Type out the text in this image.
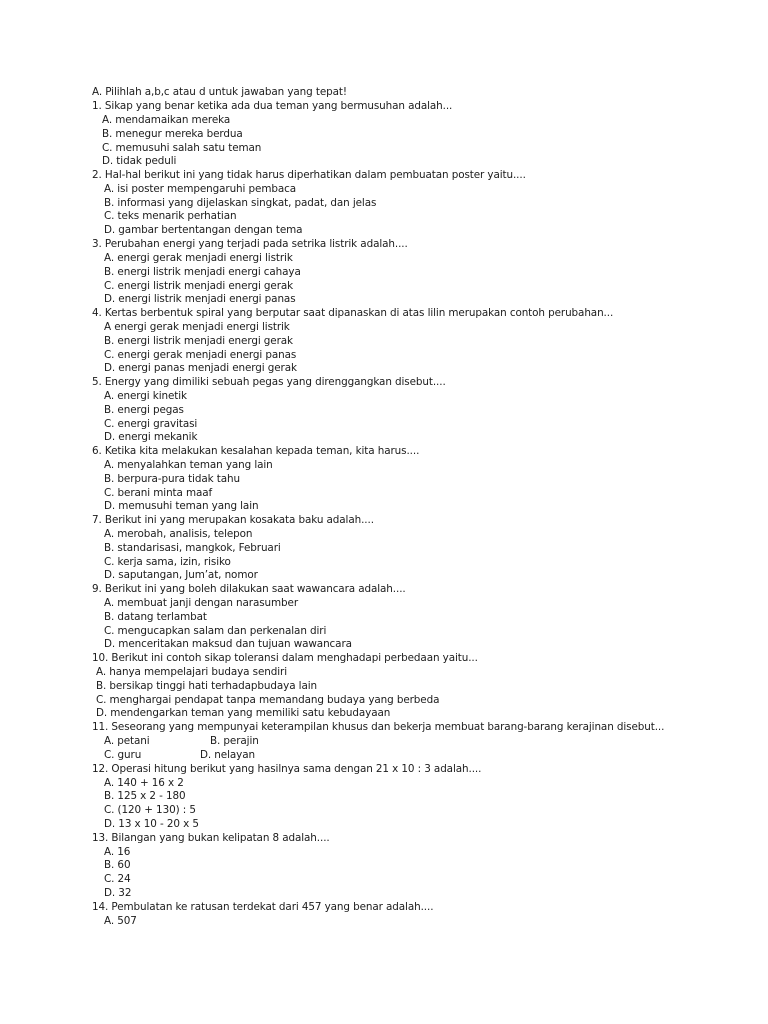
A. Pilihlah a,b,c atau d untuk jawaban yang tepat!
1. Sikap yang benar ketika ada dua teman yang bermusuhan adalah...
A. mendamaikan mereka
B. menegur mereka berdua
C. memusuhi salah satu teman
D. tidak peduli
2. Hal-hal berikut ini yang tidak harus diperhatikan dalam pembuatan poster yaitu....
A. isi poster mempengaruhi pembaca
B. informasi yang dijelaskan singkat, padat, dan jelas
C. teks menarik perhatian
D. gambar bertentangan dengan tema
3. Perubahan energi yang terjadi pada setrika listrik adalah....
A. energi gerak menjadi energi listrik
B. energi listrik menjadi energi cahaya
C. energi listrik menjadi energi gerak
D. energi listrik menjadi energi panas
4. Kertas berbentuk spiral yang berputar saat dipanaskan di atas lilin merupakan contoh perubahan...
A energi gerak menjadi energi listrik
B. energi listrik menjadi energi gerak
C. energi gerak menjadi energi panas
D. energi panas menjadi energi gerak
5. Energy yang dimiliki sebuah pegas yang direnggangkan disebut....
A. energi kinetik
B. energi pegas
C. energi gravitasi
D. energi mekanik
6. Ketika kita melakukan kesalahan kepada teman, kita harus....
A. menyalahkan teman yang lain
B. berpura-pura tidak tahu
C. berani minta maaf
D. memusuhi teman yang lain
7. Berikut ini yang merupakan kosakata baku adalah....
A. merobah, analisis, telepon
B. standarisasi, mangkok, Februari
C. kerja sama, izin, risiko
D. saputangan, Jum’at, nomor
9. Berikut ini yang boleh dilakukan saat wawancara adalah....
A. membuat janji dengan narasumber
B. datang terlambat
C. mengucapkan salam dan perkenalan diri
D. menceritakan maksud dan tujuan wawancara
10. Berikut ini contoh sikap toleransi dalam menghadapi perbedaan yaitu...
A. hanya mempelajari budaya sendiri
B. bersikap tinggi hati terhadapbudaya lain
C. menghargai pendapat tanpa memandang budaya yang berbeda
D. mendengarkan teman yang memiliki satu kebudayaan
11. Seseorang yang mempunyai keterampilan khusus dan bekerja membuat barang-barang kerajinan disebut...
A. petani	B. perajin
C. guru	D. nelayan
12. Operasi hitung berikut yang hasilnya sama dengan 21 x 10 : 3 adalah....
A. 140 + 16 x 2
B. 125 x 2 - 180
C. (120 + 130) : 5
D. 13 x 10 - 20 x 5
13. Bilangan yang bukan kelipatan 8 adalah....
A. 16
B. 60
C. 24
D. 32
14. Pembulatan ke ratusan terdekat dari 457 yang benar adalah....
A. 507
